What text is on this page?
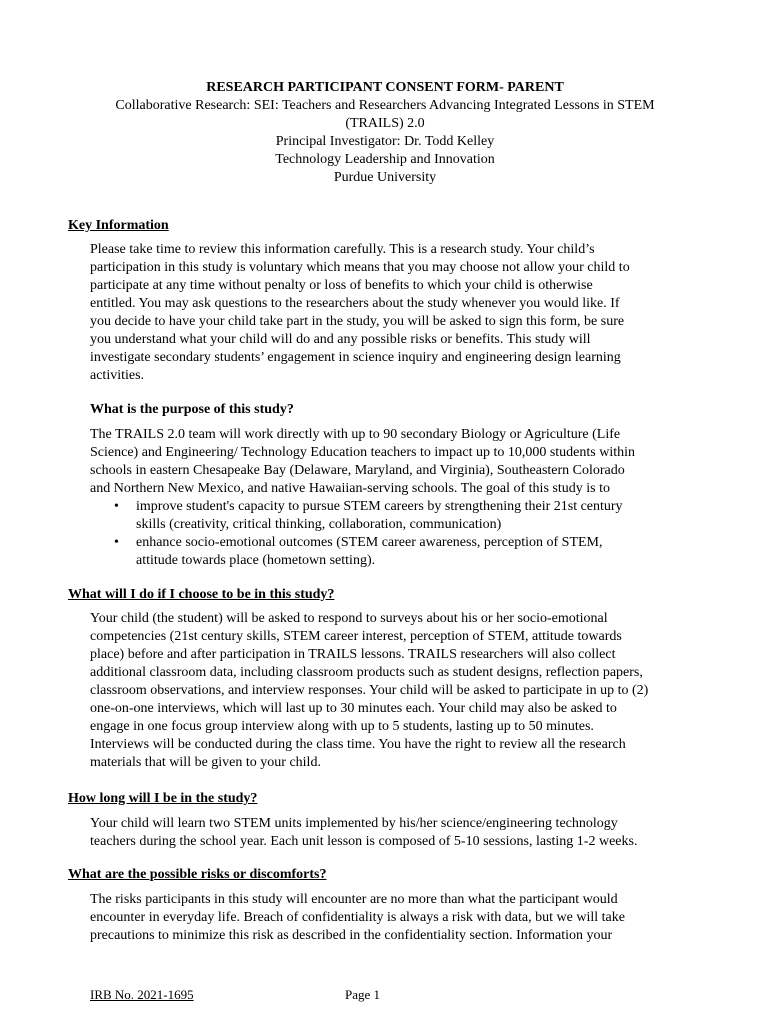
RESEARCH PARTICIPANT CONSENT FORM- PARENT
Collaborative Research: SEI: Teachers and Researchers Advancing Integrated Lessons in STEM
(TRAILS) 2.0
Principal Investigator: Dr. Todd Kelley
Technology Leadership and Innovation
Purdue University
Key Information
Please take time to review this information carefully. This is a research study. Your child’s
participation in this study is voluntary which means that you may choose not allow your child to
participate at any time without penalty or loss of benefits to which your child is otherwise
entitled. You may ask questions to the researchers about the study whenever you would like. If
you decide to have your child take part in the study, you will be asked to sign this form, be sure
you understand what your child will do and any possible risks or benefits. This study will
investigate secondary students’ engagement in science inquiry and engineering design learning
activities.
What is the purpose of this study?
The TRAILS 2.0 team will work directly with up to 90 secondary Biology or Agriculture (Life
Science) and Engineering/ Technology Education teachers to impact up to 10,000 students within
schools in eastern Chesapeake Bay (Delaware, Maryland, and Virginia), Southeastern Colorado
and Northern New Mexico, and native Hawaiian-serving schools. The goal of this study is to
• improve student's capacity to pursue STEM careers by strengthening their 21st century
skills (creativity, critical thinking, collaboration, communication)
• enhance socio-emotional outcomes (STEM career awareness, perception of STEM,
attitude towards place (hometown setting).
What will I do if I choose to be in this study?
Your child (the student) will be asked to respond to surveys about his or her socio-emotional
competencies (21st century skills, STEM career interest, perception of STEM, attitude towards
place) before and after participation in TRAILS lessons. TRAILS researchers will also collect
additional classroom data, including classroom products such as student designs, reflection papers,
classroom observations, and interview responses. Your child will be asked to participate in up to (2)
one-on-one interviews, which will last up to 30 minutes each. Your child may also be asked to
engage in one focus group interview along with up to 5 students, lasting up to 50 minutes.
Interviews will be conducted during the class time. You have the right to review all the research
materials that will be given to your child.
How long will I be in the study?
Your child will learn two STEM units implemented by his/her science/engineering technology
teachers during the school year. Each unit lesson is composed of 5-10 sessions, lasting 1-2 weeks.
What are the possible risks or discomforts?
The risks participants in this study will encounter are no more than what the participant would
encounter in everyday life. Breach of confidentiality is always a risk with data, but we will take
precautions to minimize this risk as described in the confidentiality section. Information your
IRB No. 2021-1695	Page 1
